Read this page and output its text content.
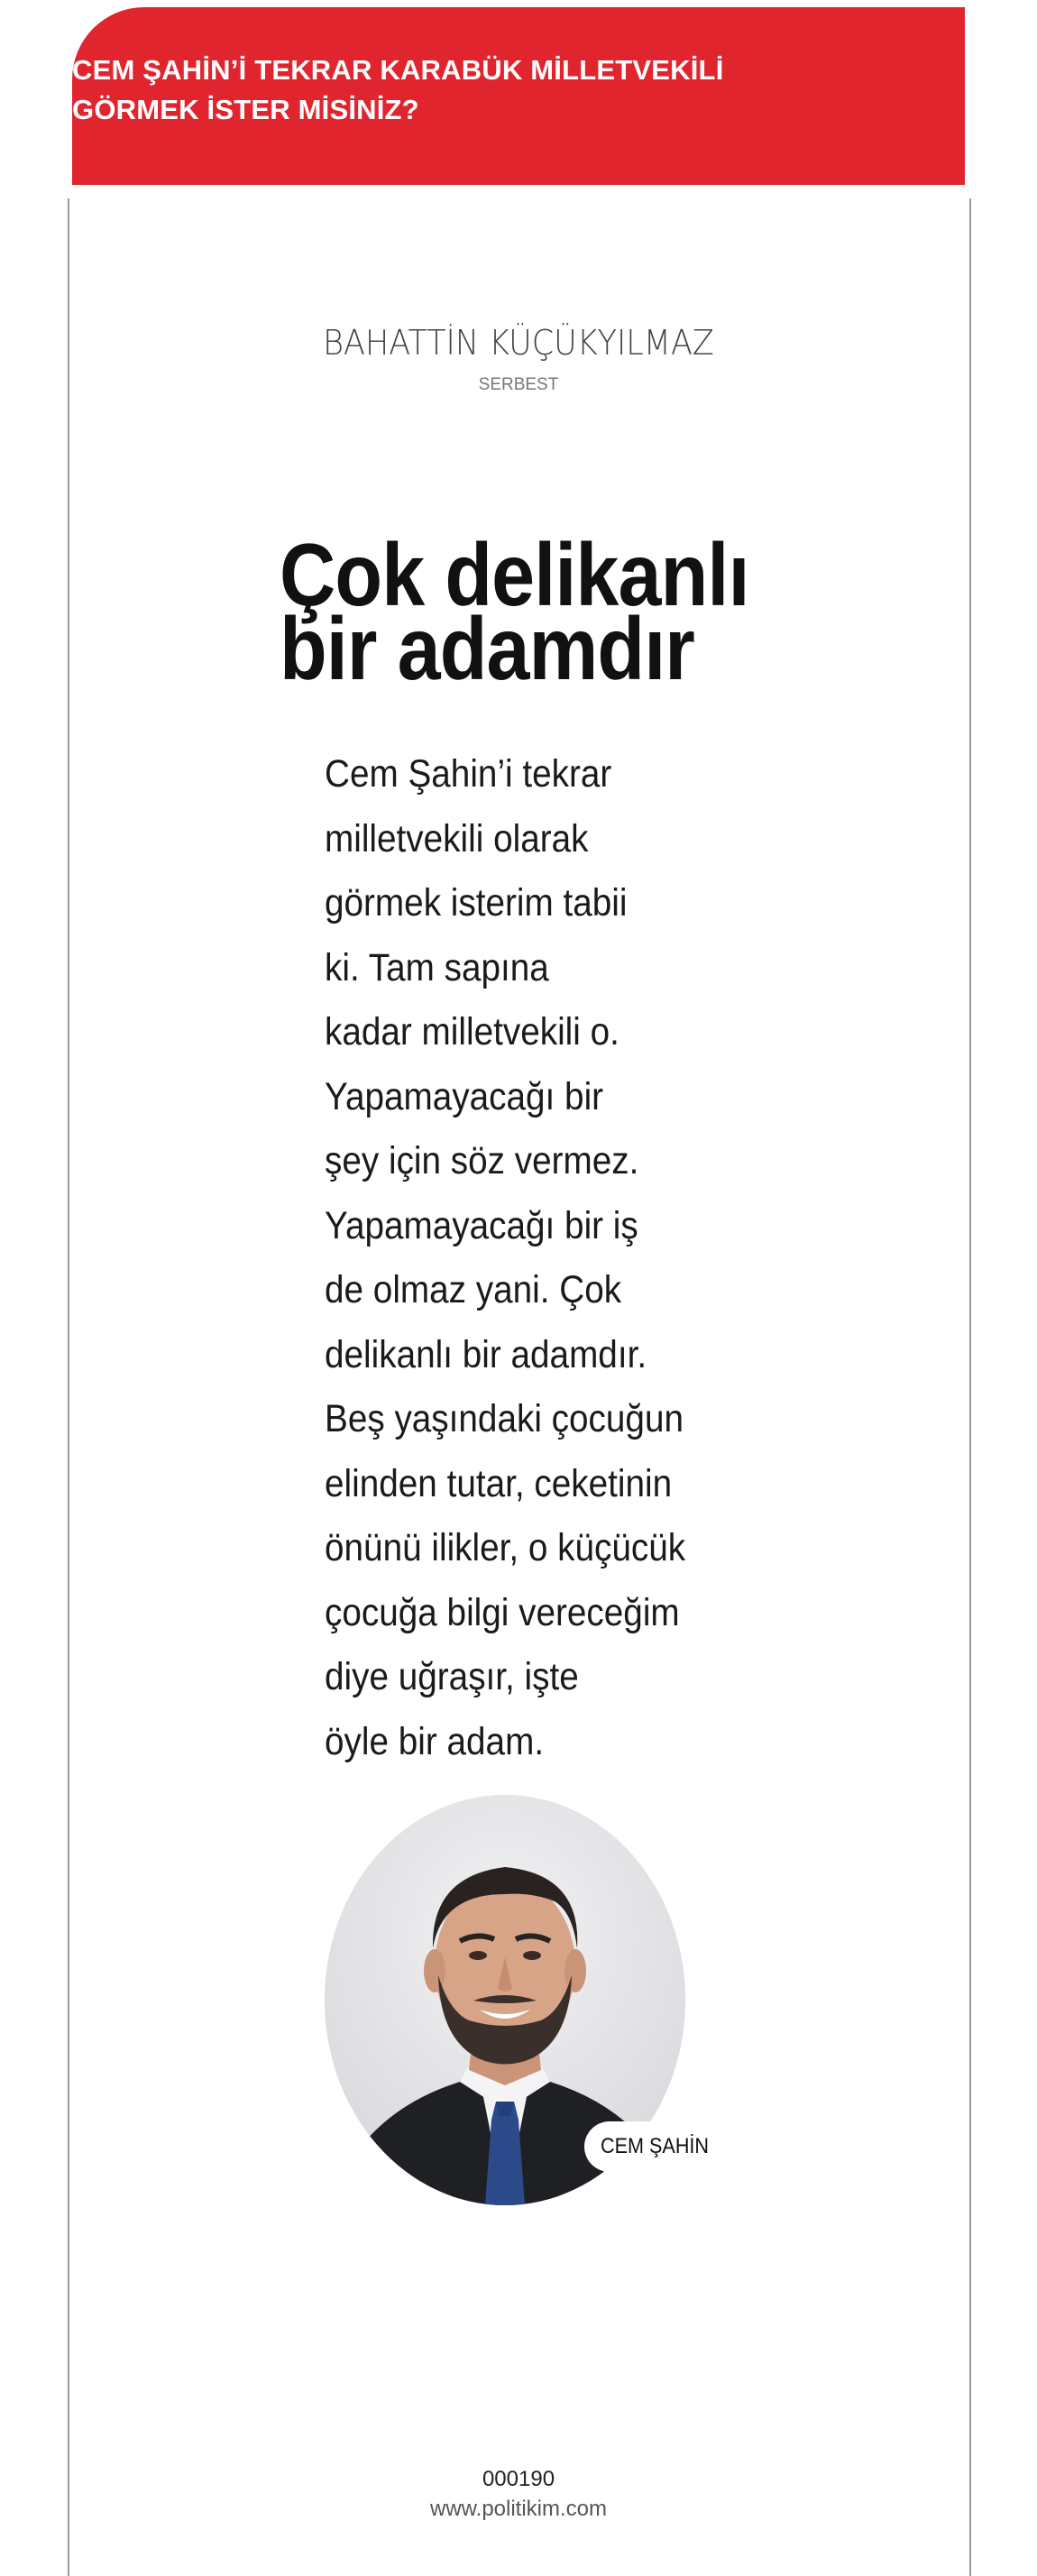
CEM ŞAHİN’İ TEKRAR KARABÜK MİLLETVEKİLİ
GÖRMEK İSTER MİSİNİZ?
BAHATTİN KÜÇÜKYILMAZ
SERBEST
Çok delikanlı
bir adamdır
Cem Şahin’i tekrar
milletvekili olarak
görmek isterim tabii
ki. Tam sapına
kadar milletvekili o.
Yapamayacağı bir
şey için söz vermez.
Yapamayacağı bir iş
de olmaz yani. Çok
delikanlı bir adamdır.
Beş yaşındaki çocuğun
elinden tutar, ceketinin
önünü ilikler, o küçücük
çocuğa bilgi vereceğim
diye uğraşır, işte
öyle bir adam.
CEM ŞAHİN
000190
www.politikim.com
